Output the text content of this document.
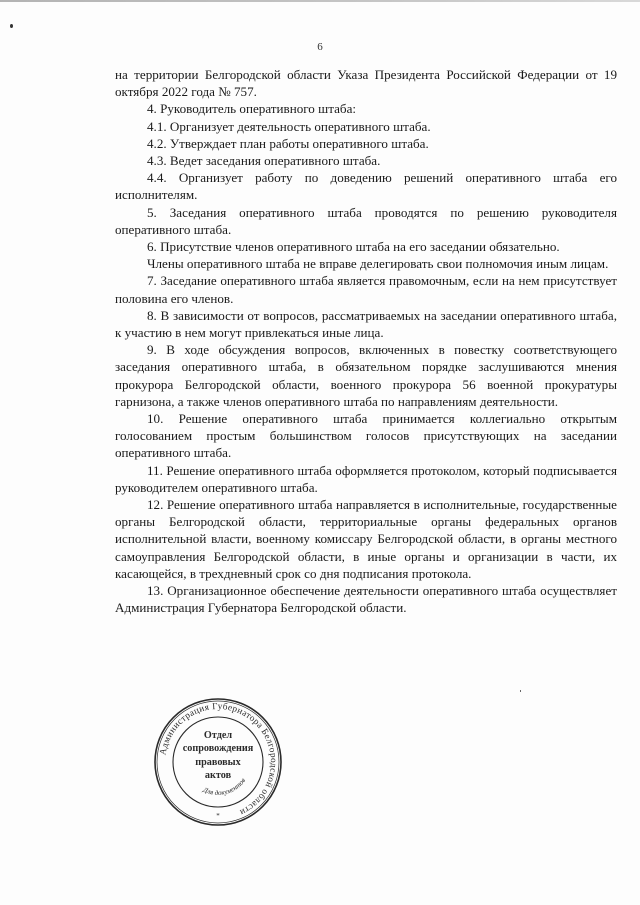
6

на территории Белгородской области Указа Президента Российской Федерации от 19 октября 2022 года № 757.

4. Руководитель оперативного штаба:

4.1. Организует деятельность оперативного штаба.

4.2. Утверждает план работы оперативного штаба.

4.3. Ведет заседания оперативного штаба.

4.4. Организует работу по доведению решений оперативного штаба его исполнителям.

5. Заседания оперативного штаба проводятся по решению руководителя оперативного штаба.

6. Присутствие членов оперативного штаба на его заседании обязательно.

Члены оперативного штаба не вправе делегировать свои полномочия иным лицам.

7. Заседание оперативного штаба является правомочным, если на нем присутствует половина его членов.

8. В зависимости от вопросов, рассматриваемых на заседании оперативного штаба, к участию в нем могут привлекаться иные лица.

9. В ходе обсуждения вопросов, включенных в повестку соответствующего заседания оперативного штаба, в обязательном порядке заслушиваются мнения прокурора Белгородской области, военного прокурора 56 военной прокуратуры гарнизона, а также членов оперативного штаба по направлениям деятельности.

10. Решение оперативного штаба принимается коллегиально открытым голосованием простым большинством голосов присутствующих на заседании оперативного штаба.

11. Решение оперативного штаба оформляется протоколом, который подписывается руководителем оперативного штаба.

12. Решение оперативного штаба направляется в исполнительные, государственные органы Белгородской области, территориальные органы федеральных органов исполнительной власти, военному комиссару Белгородской области, в органы местного самоуправления Белгородской области, в иные органы и организации в части, их касающейся, в трехдневный срок со дня подписания протокола.

13. Организационное обеспечение деятельности оперативного штаба осуществляет Администрация Губернатора Белгородской области.

Администрация Губернатора Белгородской области
Для документов
*
Отдел
сопровождения
правовых
актов
